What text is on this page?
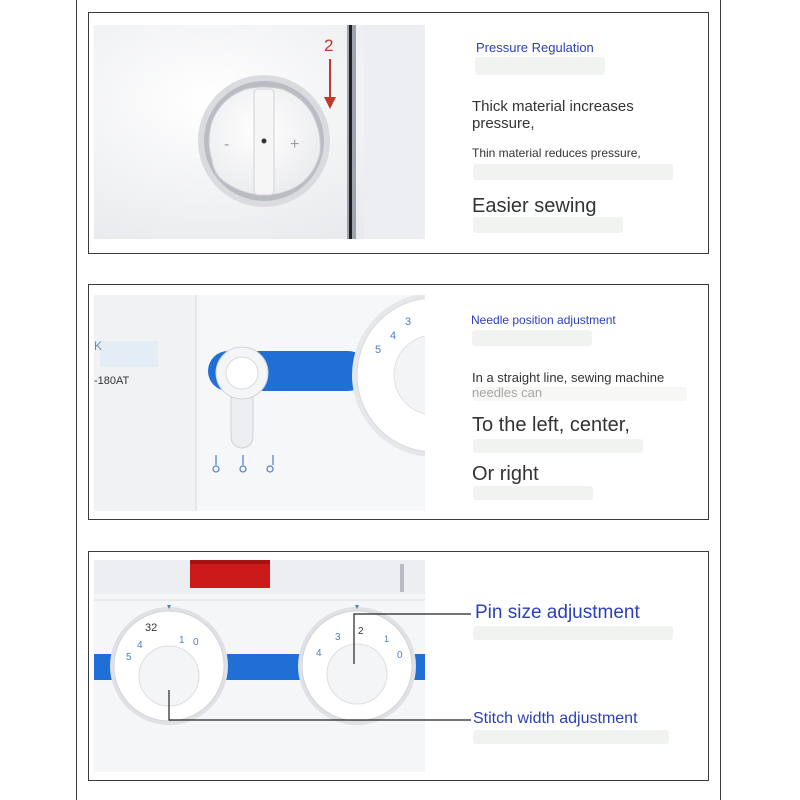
+
-
2	Pressure Regulation
Thick material increases
pressure,
Thin material reduces pressure,
Easier sewing
K
-180AT
5
4
3	Needle position adjustment
In a straight line, sewing machine
To the left, center,
Or right
5
4
32
1 0
4
3
2
1
0
Pin size adjustment
Stitch width adjustment
